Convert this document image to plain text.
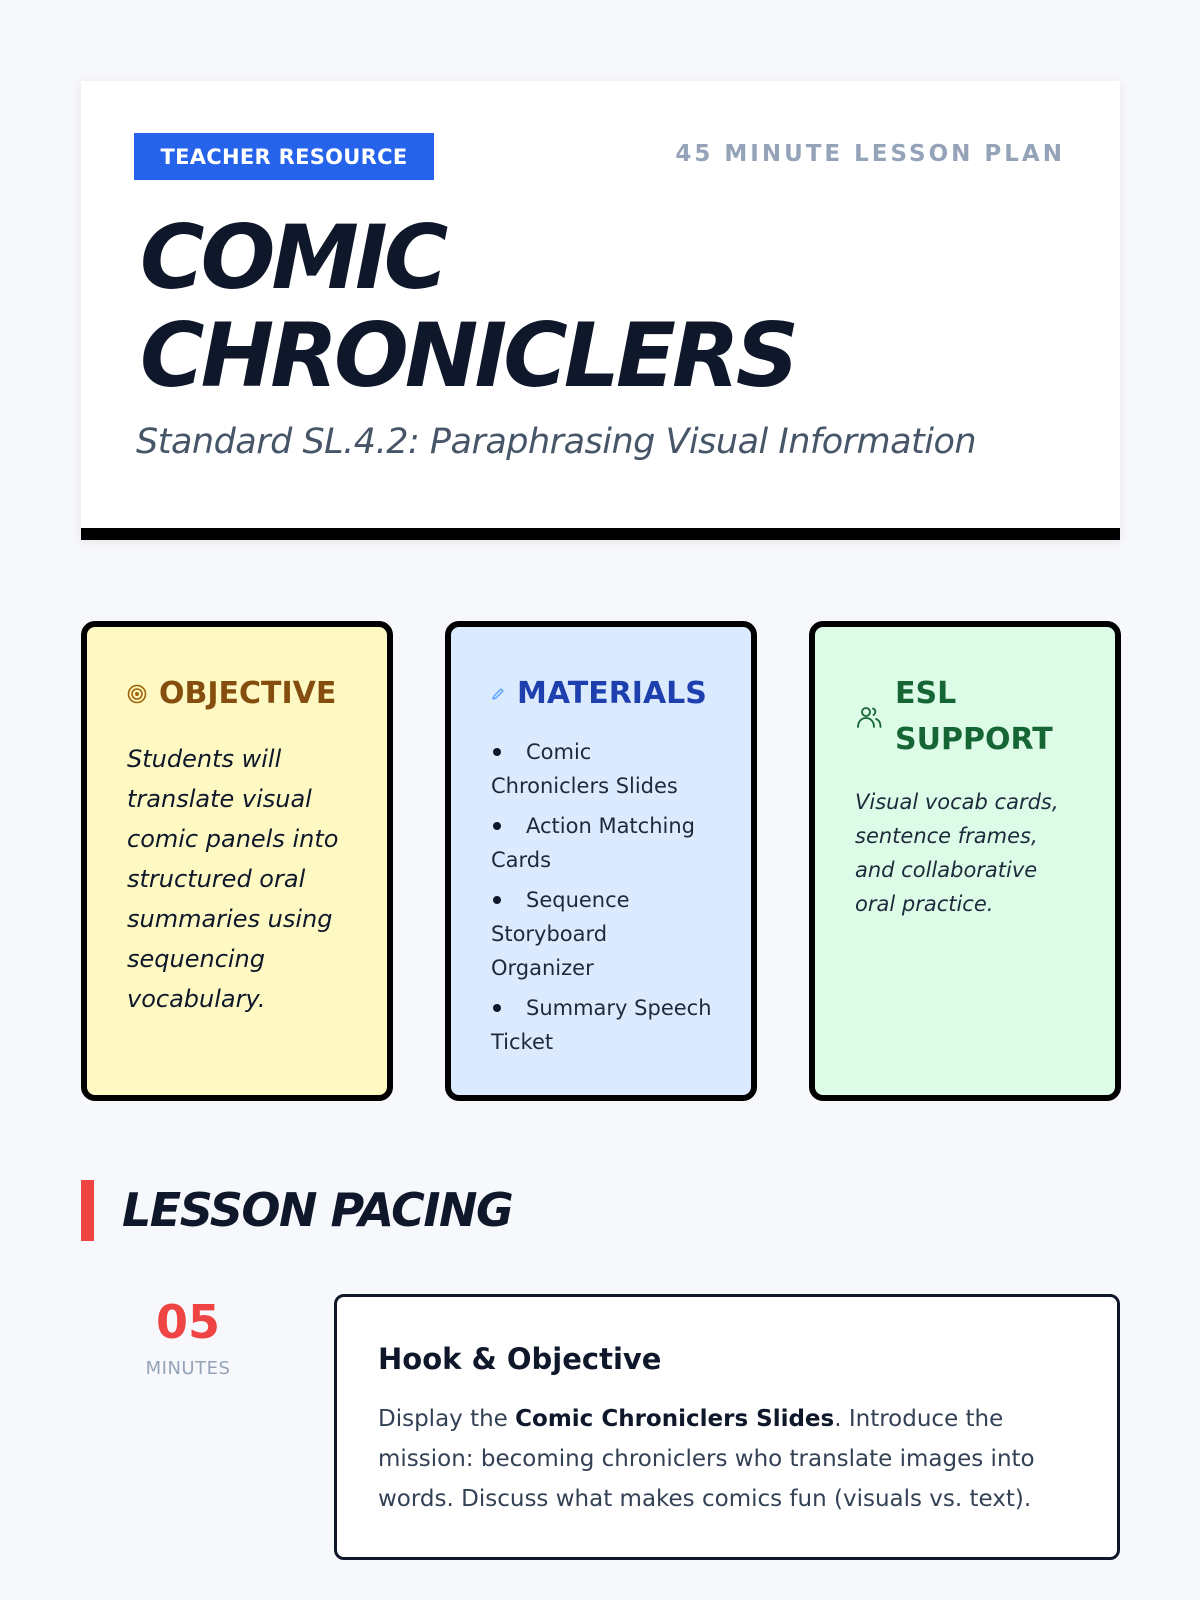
TEACHER RESOURCE	45 MINUTE LESSON PLAN
COMIC
CHRONICLERS
Standard SL.4.2: Paraphrasing Visual Information
OBJECTIVE

Students will translate visual comic panels into structured oral summaries using sequencing vocabulary.

MATERIALS
Comic Chroniclers Slides
Action Matching Cards
Sequence Storyboard Organizer
Summary Speech Ticket
ESL SUPPORT

Visual vocab cards, sentence frames, and collaborative oral practice.

LESSON PACING
05
MINUTES	Hook & Objective

Display the Comic Chroniclers Slides. Introduce the mission: becoming chroniclers who translate images into words. Discuss what makes comics fun (visuals vs. text).
